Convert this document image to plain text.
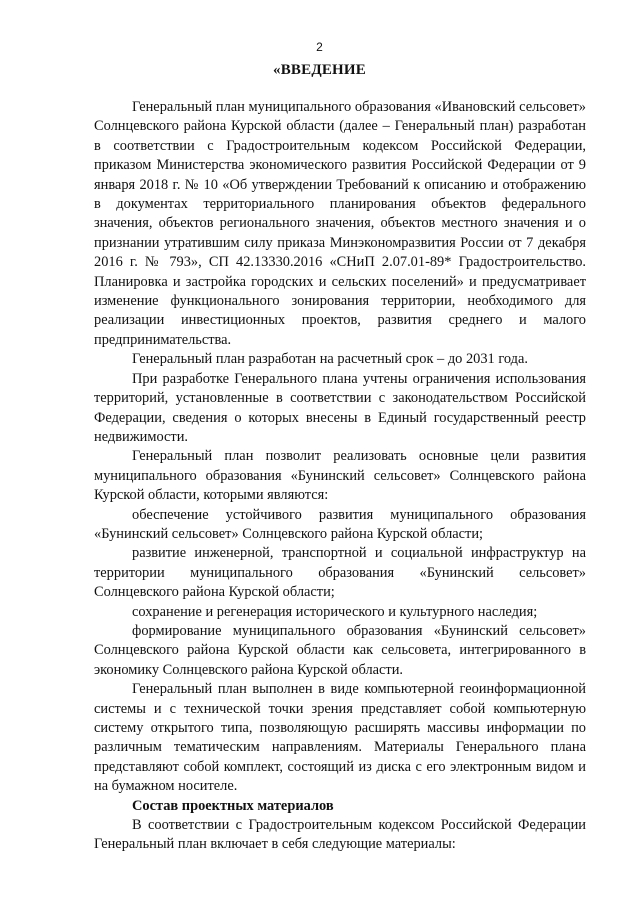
2
«ВВЕДЕНИЕ

Генеральный план муниципального образования «Ивановский сельсовет» Солнцевского района Курской области (далее – Генеральный план) разработан в соответствии с Градостроительным кодексом Российской Федерации, приказом Министерства экономического развития Российской Федерации от 9 января 2018 г. № 10 «Об утверждении Требований к описанию и отображению в документах территориального планирования объектов федерального значения, объектов регионального значения, объектов местного значения и о признании утратившим силу приказа Минэкономразвития России от 7 декабря 2016 г. № 793», СП 42.13330.2016 «СНиП 2.07.01-89* Градостроительство. Планировка и застройка городских и сельских поселений» и предусматривает изменение функционального зонирования территории, необходимого для реализации инвестиционных проектов, развития среднего и малого предпринимательства.

Генеральный план разработан на расчетный срок – до 2031 года.

При разработке Генерального плана учтены ограничения использования территорий, установленные в соответствии с законодательством Российской Федерации, сведения о которых внесены в Единый государственный реестр недвижимости.

Генеральный план позволит реализовать основные цели развития муниципального образования «Бунинский сельсовет» Солнцевского района Курской области, которыми являются:

обеспечение устойчивого развития муниципального образования «Бунинский сельсовет» Солнцевского района Курской области;

развитие инженерной, транспортной и социальной инфраструктур на территории муниципального образования «Бунинский сельсовет» Солнцевского района Курской области;

сохранение и регенерация исторического и культурного наследия;

формирование муниципального образования «Бунинский сельсовет» Солнцевского района Курской области как сельсовета, интегрированного в экономику Солнцевского района Курской области.

Генеральный план выполнен в виде компьютерной геоинформационной системы и с технической точки зрения представляет собой компьютерную систему открытого типа, позволяющую расширять массивы информации по различным тематическим направлениям. Материалы Генерального плана представляют собой комплект, состоящий из диска с его электронным видом и на бумажном носителе.

Состав проектных материалов

В соответствии с Градостроительным кодексом Российской Федерации Генеральный план включает в себя следующие материалы:
